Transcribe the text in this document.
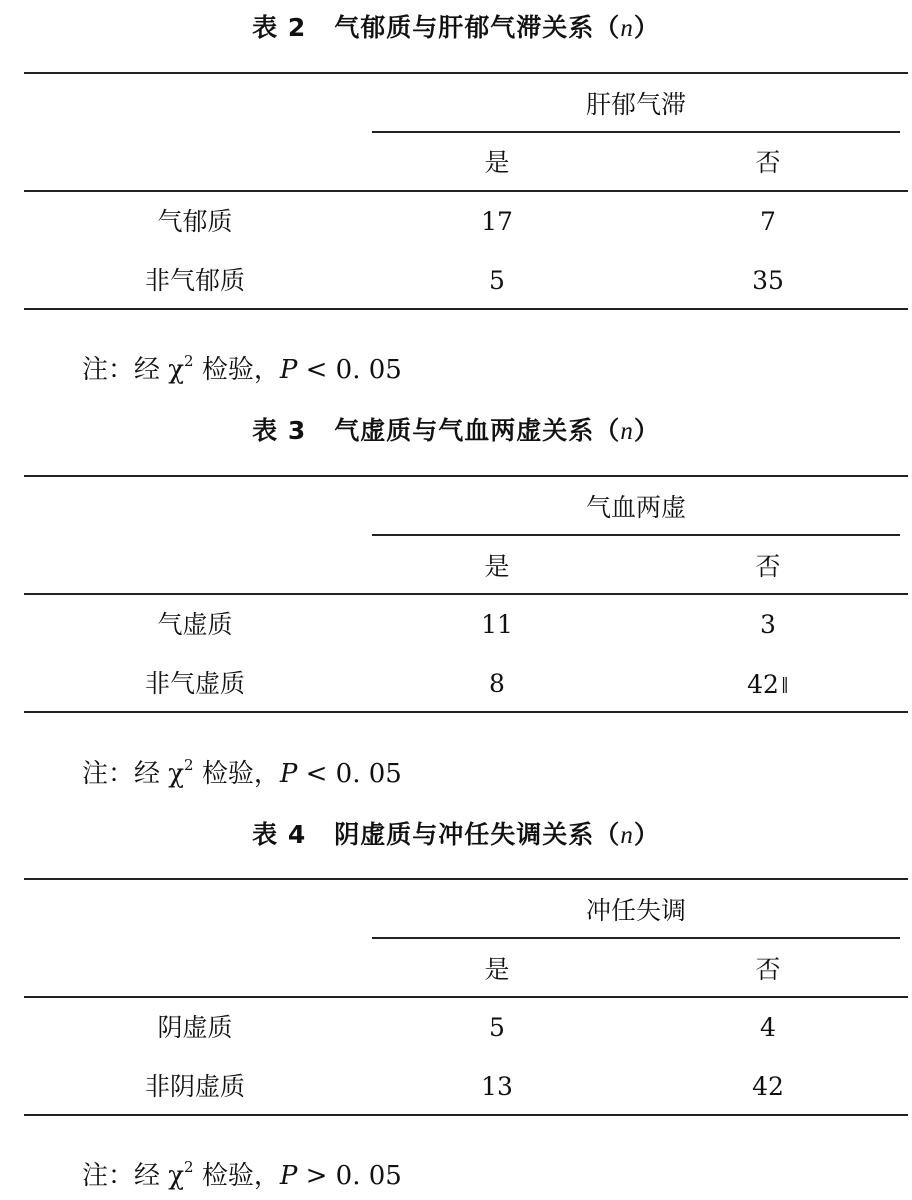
表 2 气郁质与肝郁气滞关系（n）
肝郁气滞
是	否
气郁质	17	7
非气郁质	5	35
注：经 $\chi^2$ 检验，P < 0. 05
表 3 气虚质与气血两虚关系（n）
气血两虚
是	否
气虚质	11	3
非气虚质	8	42 ‖
注：经 $\chi^2$ 检验，P < 0. 05
表 4 阴虚质与冲任失调关系（n）
冲任失调
是	否
阴虚质	5	4
非阴虚质	13	42
注：经 $\chi^2$ 检验，P > 0. 05
